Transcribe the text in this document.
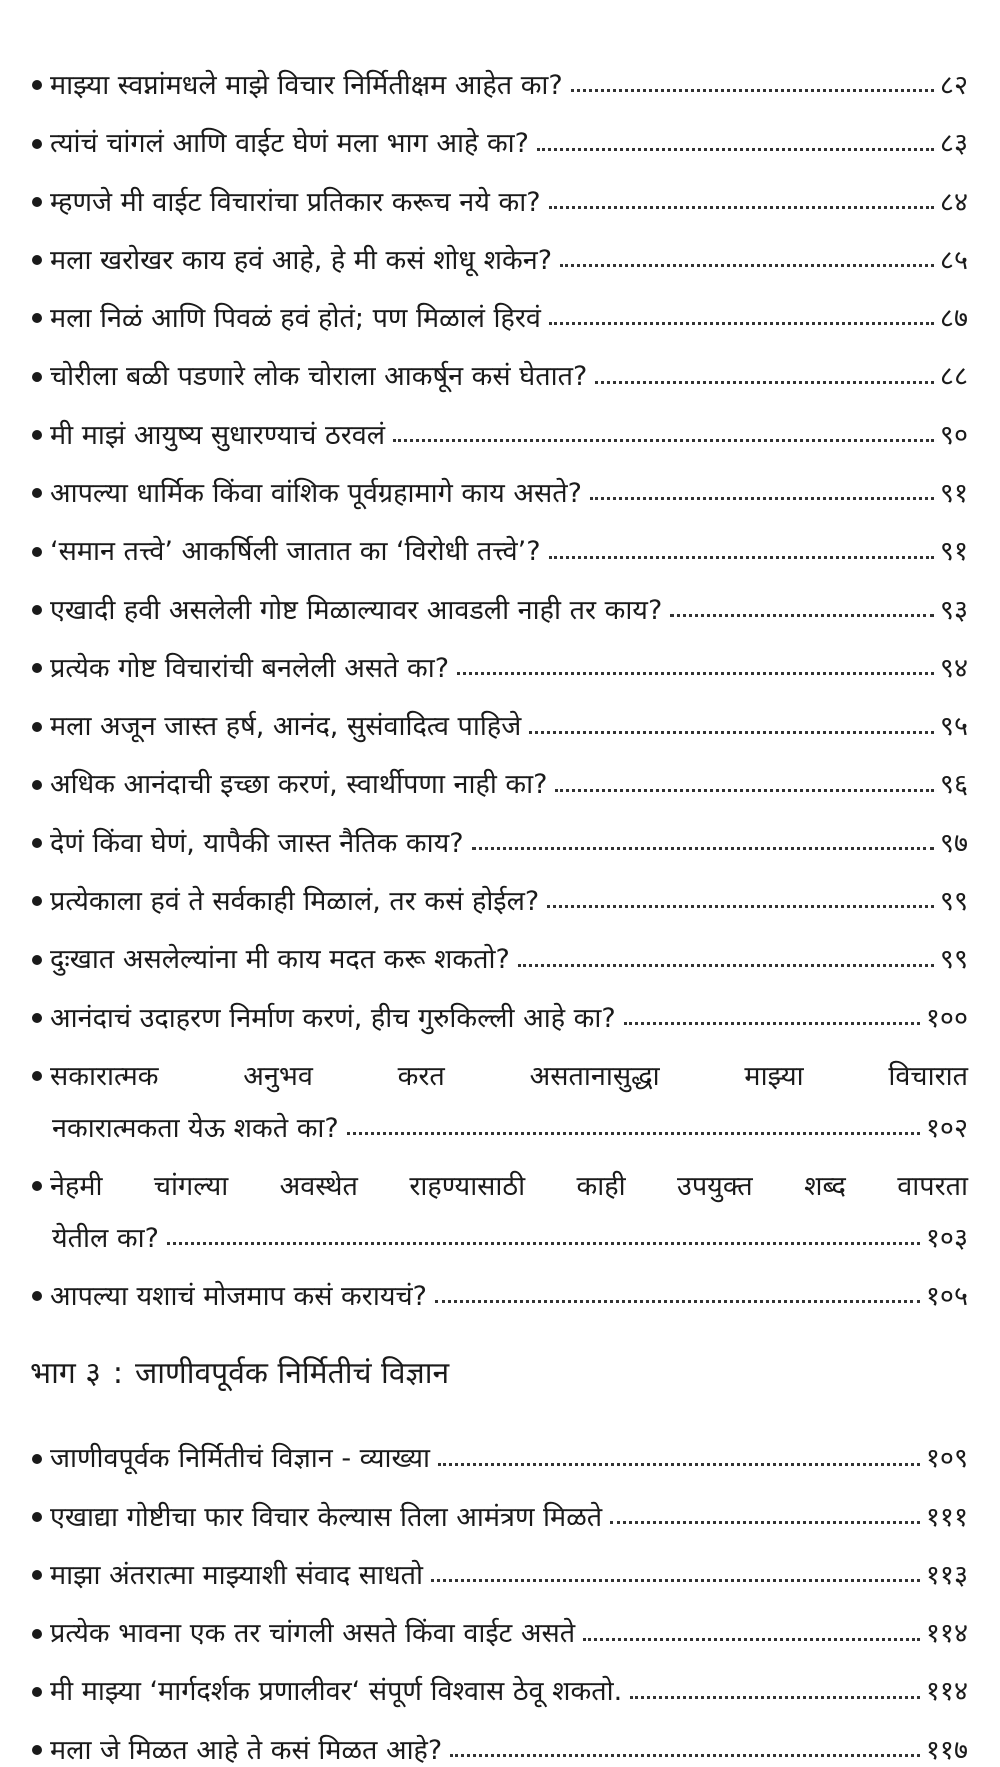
माझ्या स्वप्नांमधले माझे विचार निर्मितीक्षम आहेत का?	८२
त्यांचं चांगलं आणि वाईट घेणं मला भाग आहे का?	८३
म्हणजे मी वाईट विचारांचा प्रतिकार करूच नये का?	८४
मला खरोखर काय हवं आहे, हे मी कसं शोधू शकेन?	८५
मला निळं आणि पिवळं हवं होतं; पण मिळालं हिरवं	८७
चोरीला बळी पडणारे लोक चोराला आकर्षून कसं घेतात?	८८
मी माझं आयुष्य सुधारण्याचं ठरवलं	९०
आपल्या धार्मिक किंवा वांशिक पूर्वग्रहामागे काय असते?	९१
‘समान तत्त्वे’ आकर्षिली जातात का ‘विरोधी तत्त्वे’?	९१
एखादी हवी असलेली गोष्ट मिळाल्यावर आवडली नाही तर काय?	९३
प्रत्येक गोष्ट विचारांची बनलेली असते का?	९४
मला अजून जास्त हर्ष, आनंद, सुसंवादित्व पाहिजे	९५
अधिक आनंदाची इच्छा करणं, स्वार्थीपणा नाही का?	९६
देणं किंवा घेणं, यापैकी जास्त नैतिक काय?	९७
प्रत्येकाला हवं ते सर्वकाही मिळालं, तर कसं होईल?	९९
दुःखात असलेल्यांना मी काय मदत करू शकतो?	९९
आनंदाचं उदाहरण निर्माण करणं, हीच गुरुकिल्ली आहे का?	१००
सकारात्मक अनुभव करत असतानासुद्धा माझ्या विचारात
नकारात्मकता येऊ शकते का?	१०२
नेहमी चांगल्या अवस्थेत राहण्यासाठी काही उपयुक्त शब्द वापरता
येतील का?	१०३
आपल्या यशाचं मोजमाप कसं करायचं?	१०५
भाग ३ : जाणीवपूर्वक निर्मितीचं विज्ञान
जाणीवपूर्वक निर्मितीचं विज्ञान - व्याख्या	१०९
एखाद्या गोष्टीचा फार विचार केल्यास तिला आमंत्रण मिळते	१११
माझा अंतरात्मा माझ्याशी संवाद साधतो	११३
प्रत्येक भावना एक तर चांगली असते किंवा वाईट असते	११४
मी माझ्या ‘मार्गदर्शक प्रणालीवर‘ संपूर्ण विश्वास ठेवू शकतो.	११४
मला जे मिळत आहे ते कसं मिळत आहे?	११७
